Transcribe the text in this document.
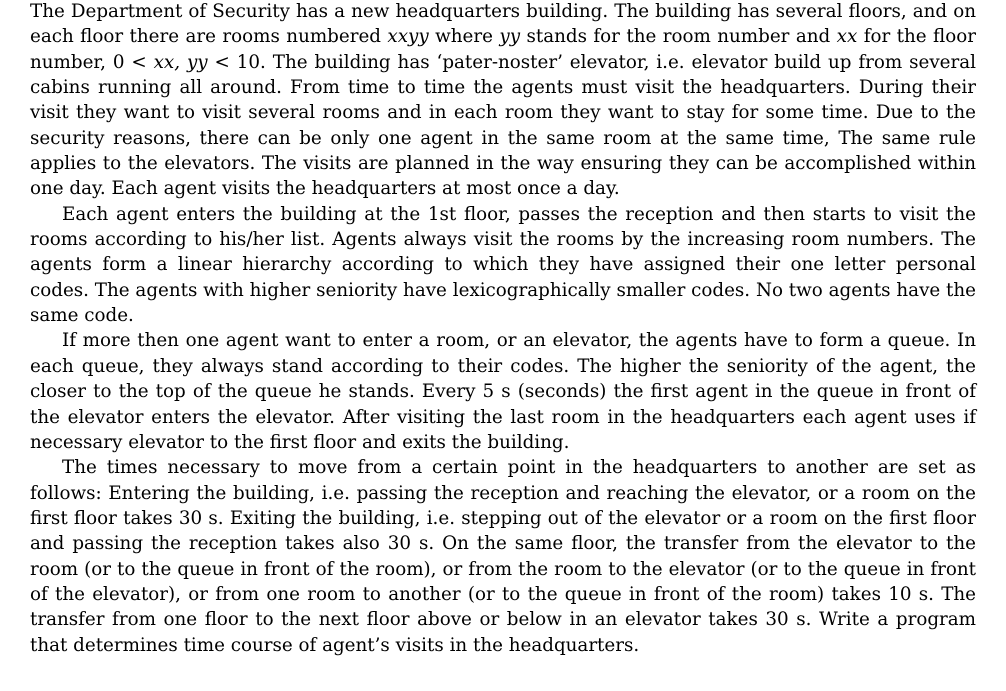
The Department of Security has a new headquarters building. The building has several floors, and on each floor there are rooms numbered xxyy where yy stands for the room number and xx for the floor number, 0 < xx, yy < 10. The building has ‘pater-noster’ elevator, i.e. elevator build up from several cabins running all around. From time to time the agents must visit the headquarters. During their visit they want to visit several rooms and in each room they want to stay for some time. Due to the security reasons, there can be only one agent in the same room at the same time, The same rule applies to the elevators. The visits are planned in the way ensuring they can be accomplished within one day. Each agent visits the headquarters at most once a day.

Each agent enters the building at the 1st floor, passes the reception and then starts to visit the rooms according to his/her list. Agents always visit the rooms by the increasing room numbers. The agents form a linear hierarchy according to which they have assigned their one letter personal codes. The agents with higher seniority have lexicographically smaller codes. No two agents have the same code.

If more then one agent want to enter a room, or an elevator, the agents have to form a queue. In each queue, they always stand according to their codes. The higher the seniority of the agent, the closer to the top of the queue he stands. Every 5 s (seconds) the first agent in the queue in front of the elevator enters the elevator. After visiting the last room in the headquarters each agent uses if necessary elevator to the first floor and exits the building.

The times necessary to move from a certain point in the headquarters to another are set as follows: Entering the building, i.e. passing the reception and reaching the elevator, or a room on the first floor takes 30 s. Exiting the building, i.e. stepping out of the elevator or a room on the first floor and passing the reception takes also 30 s. On the same floor, the transfer from the elevator to the room (or to the queue in front of the room), or from the room to the elevator (or to the queue in front of the elevator), or from one room to another (or to the queue in front of the room) takes 10 s. The transfer from one floor to the next floor above or below in an elevator takes 30 s. Write a program that determines time course of agent’s visits in the headquarters.
